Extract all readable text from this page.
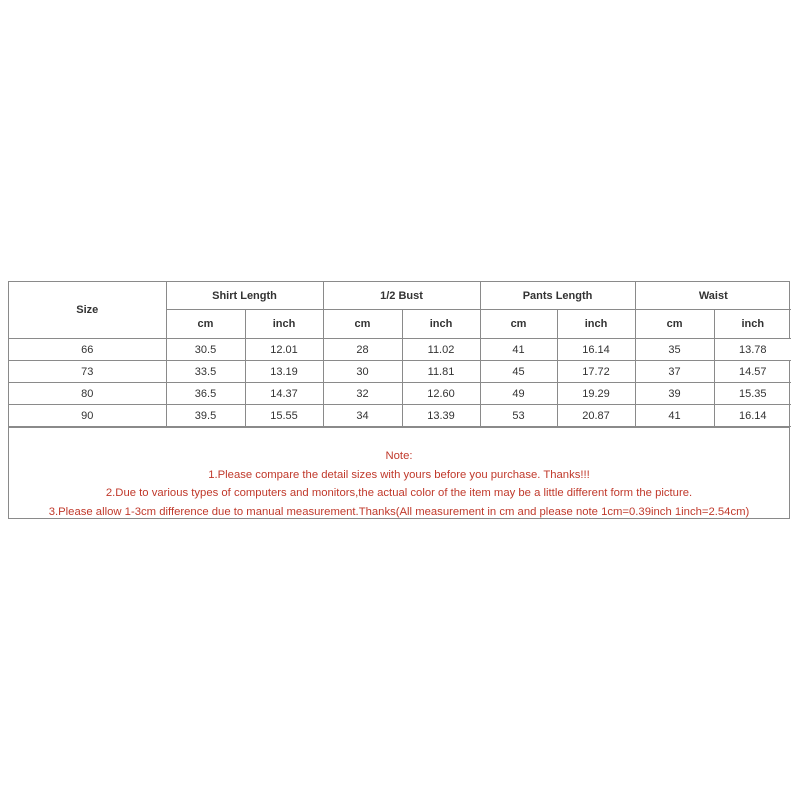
Size	Shirt Length		1/2 Bust		Pants Length		Waist	
	cm	inch	cm	inch	cm	inch	cm	inch
66	30.5	12.01	28	11.02	41	16.14	35	13.78
73	33.5	13.19	30	11.81	45	17.72	37	14.57
80	36.5	14.37	32	12.60	49	19.29	39	15.35
90	39.5	15.55	34	13.39	53	20.87	41	16.14
Note:
1.Please compare the detail sizes with yours before you purchase. Thanks!!!
2.Due to various types of computers and monitors,the actual color of the item may be a little different form the picture.
3.Please allow 1-3cm difference due to manual measurement.Thanks(All measurement in cm and please note 1cm=0.39inch 1inch=2.54cm)
